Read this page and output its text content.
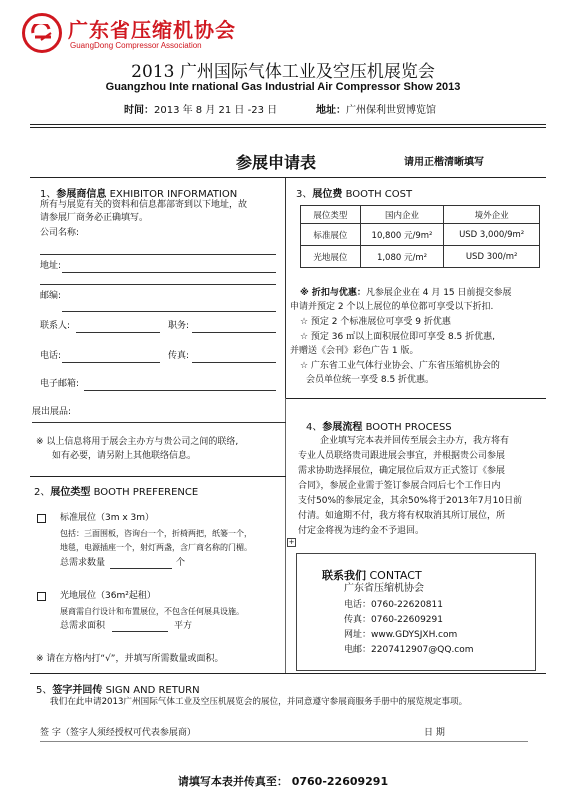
广东省压缩机协会
GuangDong Compressor Association
2013 广州国际气体工业及空压机展览会
Guangzhou Inte rnational Gas Industrial Air Compressor Show 2013
时间：2013 年 8 月 21 日 -23 日	地址：广州保利世贸博览馆
参展申请表	请用正楷清晰填写
1、参展商信息 EXHIBITOR INFORMATION
所有与展览有关的资料和信息都部寄到以下地址，故
请参展厂商务必正确填写。
公司名称:
地址:
邮编:
联系人:	职务:
电话:	传真:
电子邮箱:
展出展品:
※ 以上信息将用于展会主办方与贵公司之间的联络,
如有必要，请另附上其他联络信息。
2、展位类型 BOOTH PREFERENCE
标准展位（3m x 3m）
包括：三面围板，咨询台一个，折椅两把，纸篓一个，
地毯，电源插座一个，射灯两盏，含厂商名称的门楣。
总需求数量	个
光地展位（36m²起租）
展商需自行设计和布置展位，不包含任何展具设施。
总需求面积	平方
※ 请在方格内打“√”，并填写所需数量或面积。
3、展位费 BOOTH COST
展位类型	国内企业	境外企业
标准展位	10,800 元/9m²	USD 3,000/9m²
光地展位	1,080 元/m²	USD 300/m²
※ 折扣与优惠：凡参展企业在 4 月 15 日前提交参展
申请并预定 2 个以上展位的单位都可享受以下折扣.
☆ 预定 2 个标准展位可享受 9 折优惠
☆ 预定 36 ㎡以上面积展位即可享受 8.5 折优惠,
并赠送《会刊》彩色广告 1 版。
☆ 广东省工业气体行业协会、广东省压缩机协会的
会员单位统一享受 8.5 折优惠。
4、参展流程 BOOTH PROCESS
企业填写完本表并回传至展会主办方，我方将有
专业人员联络贵司跟进展会事宜，并根据贵公司参展
需求协助选择展位，确定展位后双方正式签订《参展
合同》，参展企业需于签订参展合同后七个工作日内
支付50%的参展定金，其余50%将于2013年7月10日前
付清。如逾期不付，我方将有权取消其所订展位，所
付定金将视为违约金不予退回。
+
联系我们 CONTACT
广东省压缩机协会
电话：0760-22620811
传真：0760-22609291
网址：www.GDYSJXH.com
电邮：2207412907@QQ.com
5、签字并回传 SIGN AND RETURN
我们在此申请2013广州国际气体工业及空压机展览会的展位，并同意遵守参展商服务手册中的展览规定事项。
签 字（签字人须经授权可代表参展商）	日 期
请填写本表并传真至： 0760-22609291
